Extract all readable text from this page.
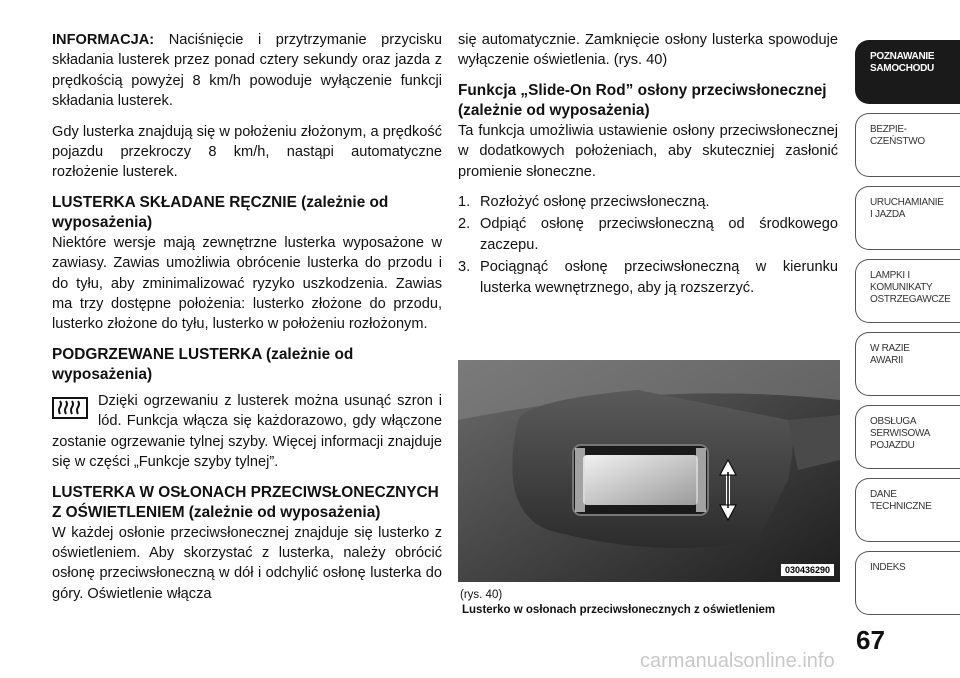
INFORMACJA: Naciśnięcie i przytrzymanie przycisku składania lusterek przez ponad cztery sekundy oraz jazda z prędkością powyżej 8 km/h powoduje wyłączenie funkcji składania lusterek.

Gdy lusterka znajdują się w położeniu złożonym, a prędkość pojazdu przekroczy 8 km/h, nastąpi automatyczne rozłożenie lusterek.

LUSTERKA SKŁADANE RĘCZNIE (zależnie od wyposażenia)

Niektóre wersje mają zewnętrzne lusterka wyposażone w zawiasy. Zawias umożliwia obrócenie lusterka do przodu i do tyłu, aby zminimalizować ryzyko uszkodzenia. Zawias ma trzy dostępne położenia: lusterko złożone do przodu, lusterko złożone do tyłu, lusterko w położeniu rozłożonym.

PODGRZEWANE LUSTERKA (zależnie od wyposażenia)

Dzięki ogrzewaniu z lusterek można usunąć szron i lód. Funkcja włącza się każdorazowo, gdy włączone zostanie ogrzewanie tylnej szyby. Więcej informacji znajduje się w części „Funkcje szyby tylnej”.

LUSTERKA W OSŁONACH PRZECIWSŁONECZNYCH Z OŚWIETLENIEM (zależnie od wyposażenia)

W każdej osłonie przeciwsłonecznej znajduje się lusterko z oświetleniem. Aby skorzystać z lusterka, należy obrócić osłonę przeciwsłoneczną w dół i odchylić osłonę lusterka do góry. Oświetlenie włącza

się automatycznie. Zamknięcie osłony lusterka spowoduje wyłączenie oświetlenia. (rys. 40)

Funkcja „Slide-On Rod” osłony przeciwsłonecznej (zależnie od wyposażenia)

Ta funkcja umożliwia ustawienie osłony przeciwsłonecznej w dodatkowych położeniach, aby skuteczniej zasłonić promienie słoneczne.

1. Rozłożyć osłonę przeciwsłoneczną.
2. Odpiąć osłonę przeciwsłoneczną od środkowego zaczepu.
3. Pociągnąć osłonę przeciwsłoneczną w kierunku lusterka wewnętrznego, aby ją rozszerzyć.
030436290
(rys. 40)
Lusterko w osłonach przeciwsłonecznych z oświetleniem
POZNAWANIE
SAMOCHODU
BEZPIE-
CZEŃSTWO
URUCHAMIANIE
I JAZDA
LAMPKI I
KOMUNIKATY
OSTRZEGAWCZE
W RAZIE
AWARII
OBSŁUGA
SERWISOWA
POJAZDU
DANE
TECHNICZNE
INDEKS
67
carmanualsonline.info
